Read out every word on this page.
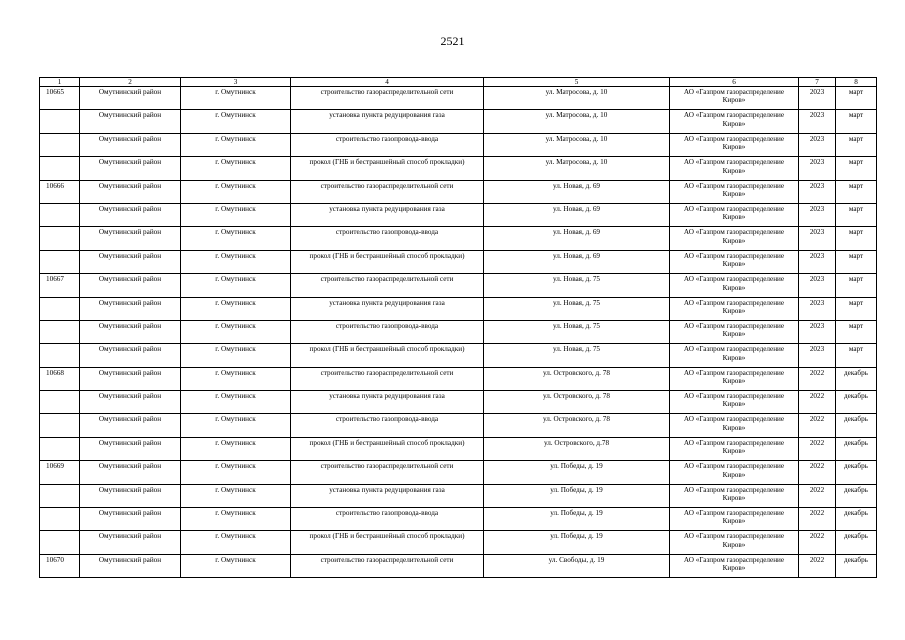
2521
1	2	3	4	5	6	7	8
10665	Омутнинский район	г. Омутнинск	строительство газораспределительной сети	ул. Матросова, д. 10	АО «Газпром газораспределение Киров»	2023	март
	Омутнинский район	г. Омутнинск	установка пункта редуцирования газа	ул. Матросова, д. 10	АО «Газпром газораспределение Киров»	2023	март
	Омутнинский район	г. Омутнинск	строительство газопровода-ввода	ул. Матросова, д. 10	АО «Газпром газораспределение Киров»	2023	март
	Омутнинский район	г. Омутнинск	прокол (ГНБ и бестраншейный способ прокладки)	ул. Матросова, д. 10	АО «Газпром газораспределение Киров»	2023	март
10666	Омутнинский район	г. Омутнинск	строительство газораспределительной сети	ул. Новая, д. 69	АО «Газпром газораспределение Киров»	2023	март
	Омутнинский район	г. Омутнинск	установка пункта редуцирования газа	ул. Новая, д. 69	АО «Газпром газораспределение Киров»	2023	март
	Омутнинский район	г. Омутнинск	строительство газопровода-ввода	ул. Новая, д. 69	АО «Газпром газораспределение Киров»	2023	март
	Омутнинский район	г. Омутнинск	прокол (ГНБ и бестраншейный способ прокладки)	ул. Новая, д. 69	АО «Газпром газораспределение Киров»	2023	март
10667	Омутнинский район	г. Омутнинск	строительство газораспределительной сети	ул. Новая, д. 75	АО «Газпром газораспределение Киров»	2023	март
	Омутнинский район	г. Омутнинск	установка пункта редуцирования газа	ул. Новая, д. 75	АО «Газпром газораспределение Киров»	2023	март
	Омутнинский район	г. Омутнинск	строительство газопровода-ввода	ул. Новая, д. 75	АО «Газпром газораспределение Киров»	2023	март
	Омутнинский район	г. Омутнинск	прокол (ГНБ и бестраншейный способ прокладки)	ул. Новая, д. 75	АО «Газпром газораспределение Киров»	2023	март
10668	Омутнинский район	г. Омутнинск	строительство газораспределительной сети	ул. Островского, д. 78	АО «Газпром газораспределение Киров»	2022	декабрь
	Омутнинский район	г. Омутнинск	установка пункта редуцирования газа	ул. Островского, д. 78	АО «Газпром газораспределение Киров»	2022	декабрь
	Омутнинский район	г. Омутнинск	строительство газопровода-ввода	ул. Островского, д. 78	АО «Газпром газораспределение Киров»	2022	декабрь
	Омутнинский район	г. Омутнинск	прокол (ГНБ и бестраншейный способ прокладки)	ул. Островского, д.78	АО «Газпром газораспределение Киров»	2022	декабрь
10669	Омутнинский район	г. Омутнинск	строительство газораспределительной сети	ул. Победы, д. 19	АО «Газпром газораспределение Киров»	2022	декабрь
	Омутнинский район	г. Омутнинск	установка пункта редуцирования газа	ул. Победы, д. 19	АО «Газпром газораспределение Киров»	2022	декабрь
	Омутнинский район	г. Омутнинск	строительство газопровода-ввода	ул. Победы, д. 19	АО «Газпром газораспределение Киров»	2022	декабрь
	Омутнинский район	г. Омутнинск	прокол (ГНБ и бестраншейный способ прокладки)	ул. Победы, д. 19	АО «Газпром газораспределение Киров»	2022	декабрь
10670	Омутнинский район	г. Омутнинск	строительство газораспределительной сети	ул. Свободы, д. 19	АО «Газпром газораспределение Киров»	2022	декабрь
